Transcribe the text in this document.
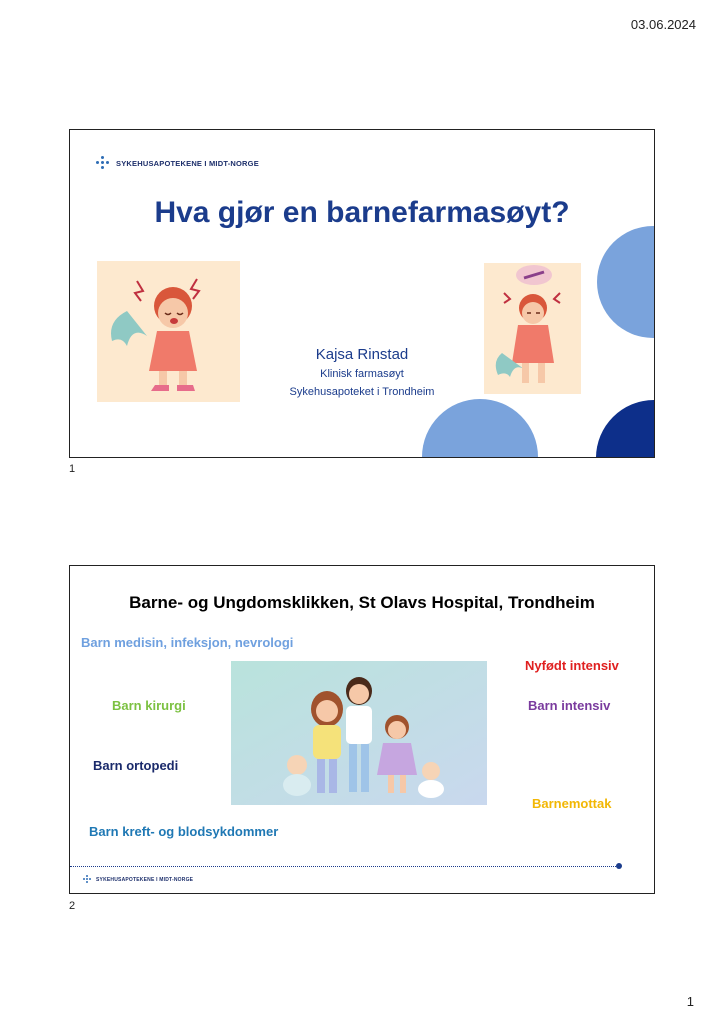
03.06.2024
SYKEHUSAPOTEKENE I MIDT-NORGE
Hva gjør en barnefarmasøyt?
Kajsa Rinstad
Klinisk farmasøyt
Sykehusapoteket i Trondheim
1
Barne- og Ungdomsklikken, St Olavs Hospital, Trondheim
Barn medisin, infeksjon, nevrologi
Nyfødt intensiv
Barn kirurgi	Barn intensiv
Barn ortopedi
Barnemottak
Barn kreft- og blodsykdommer
SYKEHUSAPOTEKENE I MIDT-NORGE
2
1
